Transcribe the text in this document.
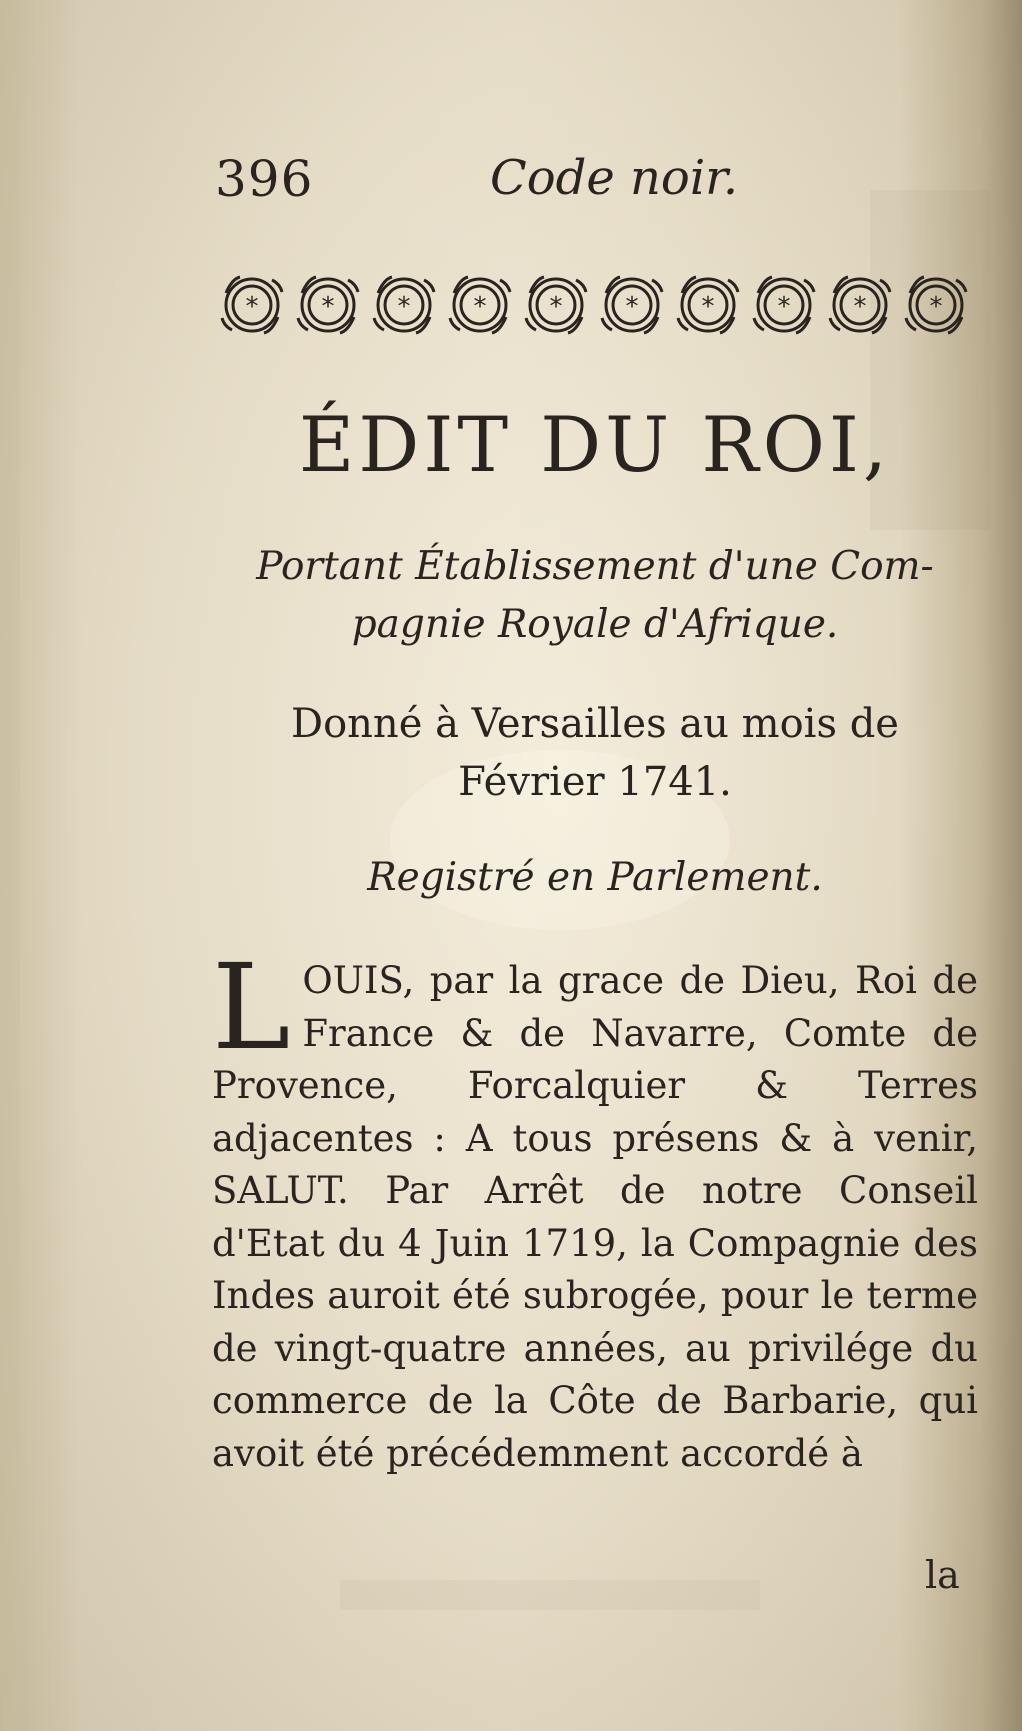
396	Code noir.
* * * * * * * * * *
ÉDIT DU ROI,
Portant Établissement d'une Com-
pagnie Royale d'Afrique.
Donné à Versailles au mois de
Février 1741.
Registré en Parlement.
L OUIS, par la grace de Dieu, Roi de France & de Navarre, Comte de Provence, Forcalquier & Terres adjacentes : A tous présens & à venir, SALUT. Par Arrêt de notre Conseil d'Etat du 4 Juin 1719, la Compagnie des Indes auroit été subrogée, pour le terme de vingt-quatre années, au privilége du commerce de la Côte de Barbarie, qui avoit été précédemment accordé à
la
